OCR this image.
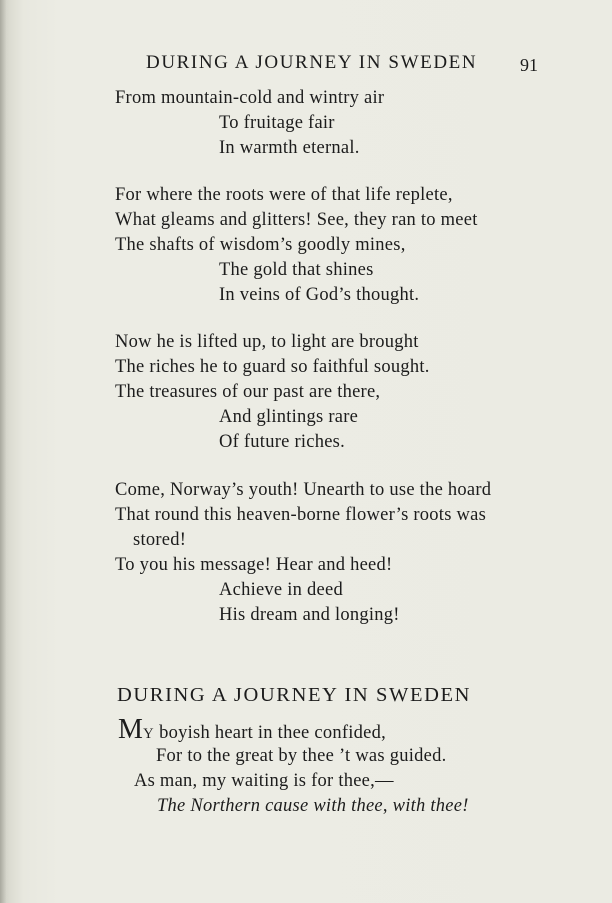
DURING A JOURNEY IN SWEDEN 91
From mountain-cold and wintry air
To fruitage fair
In warmth eternal.
For where the roots were of that life replete,
What gleams and glitters! See, they ran to meet
The shafts of wisdom’s goodly mines,
The gold that shines
In veins of God’s thought.
Now he is lifted up, to light are brought
The riches he to guard so faithful sought.
The treasures of our past are there,
And glintings rare
Of future riches.
Come, Norway’s youth! Unearth to use the hoard
That round this heaven-borne flower’s roots was
stored!
To you his message! Hear and heed!
Achieve in deed
His dream and longing!
DURING A JOURNEY IN SWEDEN
MY boyish heart in thee confided,
For to the great by thee ’t was guided.
As man, my waiting is for thee,—
The Northern cause with thee, with thee!
